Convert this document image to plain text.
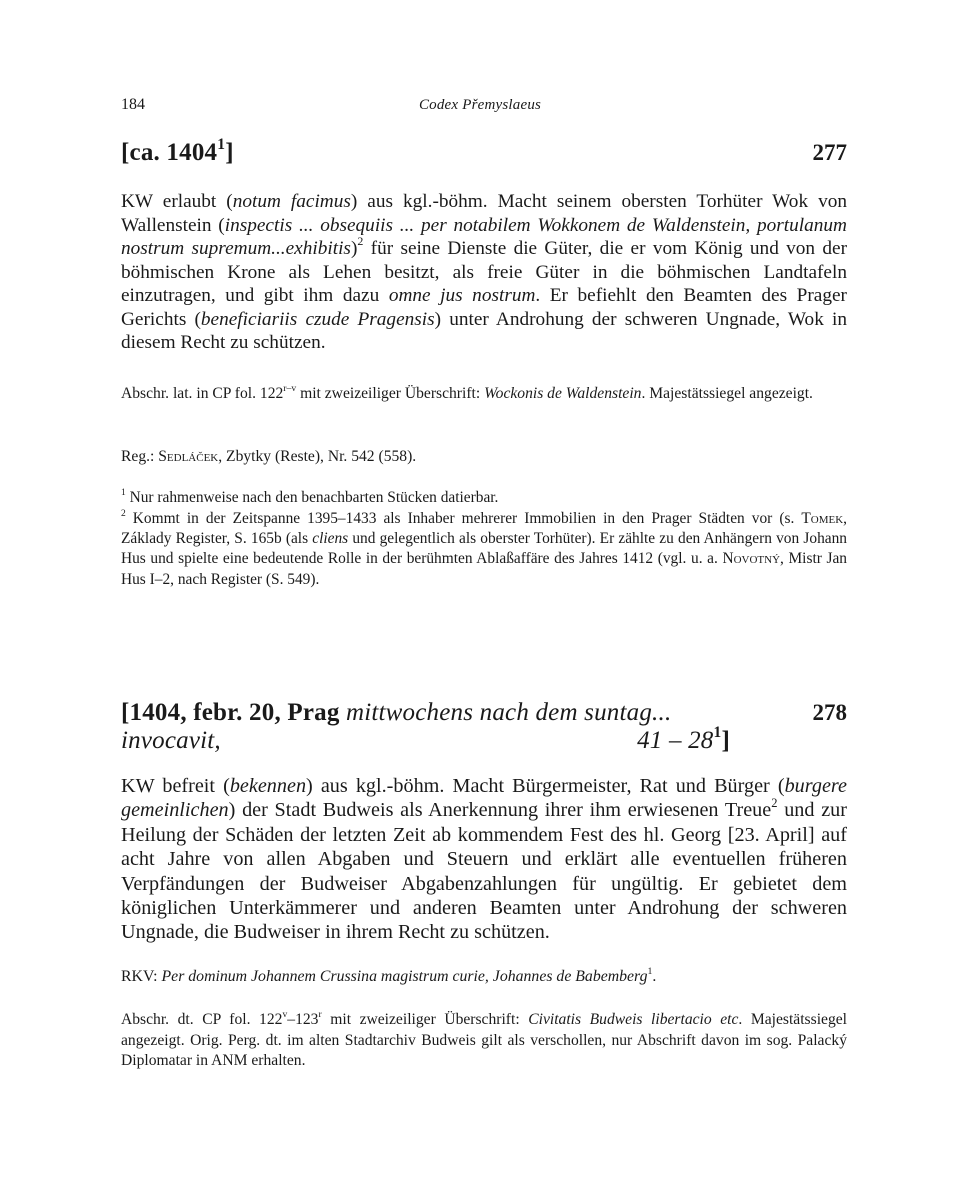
184	Codex Přemyslaeus
[ca. 1404$^1$]	277
KW erlaubt (notum facimus) aus kgl.-böhm. Macht seinem obersten Torhüter Wok von Wallenstein (inspectis ... obsequiis ... per notabilem Wokkonem de Waldenstein, portulanum nostrum supremum...exhibitis)$^2$ für seine Dienste die Güter, die er vom König und von der böhmischen Krone als Lehen besitzt, als freie Güter in die böhmischen Landtafeln einzutragen, und gibt ihm dazu omne jus nostrum. Er befiehlt den Beamten des Prager Gerichts (beneficiariis czude Pragensis) unter Androhung der schweren Ungnade, Wok in diesem Recht zu schützen.
Abschr. lat. in CP fol. 122$^{r-v}$ mit zweizeiliger Überschrift: Wockonis de Waldenstein. Majestätssiegel angezeigt.
Reg.: Sedláček, Zbytky (Reste), Nr. 542 (558).
$^1$ Nur rahmenweise nach den benachbarten Stücken datierbar.
$^2$ Kommt in der Zeitspanne 1395–1433 als Inhaber mehrerer Immobilien in den Prager Städten vor (s. Tomek, Základy Register, S. 165b (als cliens und gelegentlich als oberster Torhüter). Er zählte zu den Anhängern von Johann Hus und spielte eine bedeutende Rolle in der berühmten Ablaßaffäre des Jahres 1412 (vgl. u. a. Novotný, Mistr Jan Hus I–2, nach Register (S. 549).
[1404, febr. 20, Prag mittwochens nach dem suntag... invocavit,	$41 - 28^1$]
278
KW befreit (bekennen) aus kgl.-böhm. Macht Bürgermeister, Rat und Bürger (burgere gemeinlichen) der Stadt Budweis als Anerkennung ihrer ihm erwiesenen Treue$^2$ und zur Heilung der Schäden der letzten Zeit ab kommendem Fest des hl. Georg [23. April] auf acht Jahre von allen Abgaben und Steuern und erklärt alle eventuellen früheren Verpfändungen der Budweiser Abgabenzahlungen für ungültig. Er gebietet dem königlichen Unterkämmerer und anderen Beamten unter Androhung der schweren Ungnade, die Budweiser in ihrem Recht zu schützen.
RKV: Per dominum Johannem Crussina magistrum curie, Johannes de Babemberg$^1$.
Abschr. dt. CP fol. 122$^v$–123$^r$ mit zweizeiliger Überschrift: Civitatis Budweis libertacio etc. Majestätssiegel angezeigt. Orig. Perg. dt. im alten Stadtarchiv Budweis gilt als verschollen, nur Abschrift davon im sog. Palacký Diplomatar in ANM erhalten.
